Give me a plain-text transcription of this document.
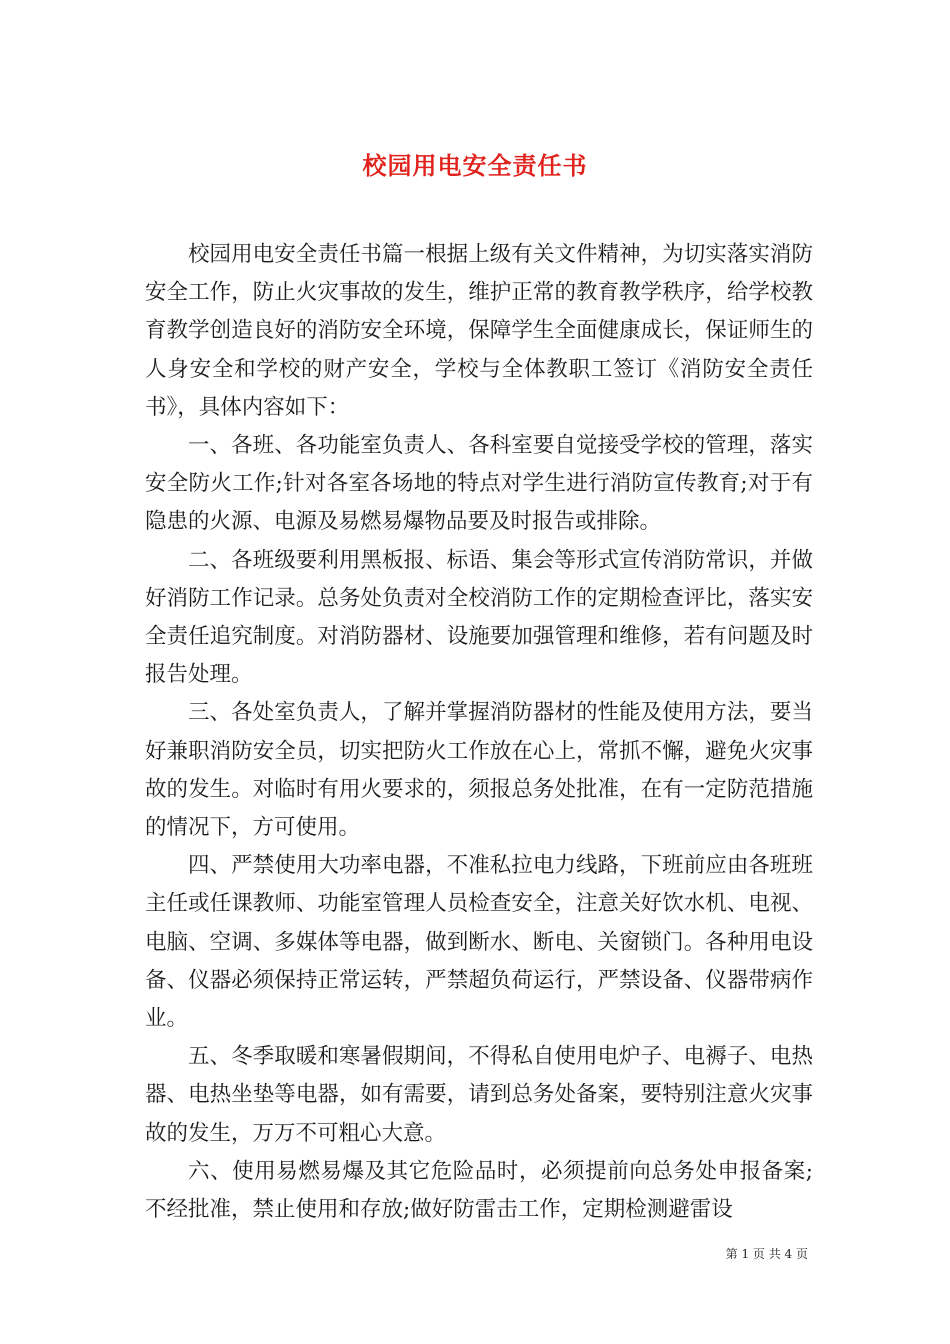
校园用电安全责任书

校园用电安全责任书篇一根据上级有关文件精神，为切实落实消防安全工作，防止火灾事故的发生，维护正常的教育教学秩序，给学校教育教学创造良好的消防安全环境，保障学生全面健康成长，保证师生的人身安全和学校的财产安全，学校与全体教职工签订《消防安全责任书》，具体内容如下：

一、各班、各功能室负责人、各科室要自觉接受学校的管理，落实安全防火工作;针对各室各场地的特点对学生进行消防宣传教育;对于有隐患的火源、电源及易燃易爆物品要及时报告或排除。

二、各班级要利用黑板报、标语、集会等形式宣传消防常识，并做好消防工作记录。总务处负责对全校消防工作的定期检查评比，落实安全责任追究制度。对消防器材、设施要加强管理和维修，若有问题及时报告处理。

三、各处室负责人，了解并掌握消防器材的性能及使用方法，要当好兼职消防安全员，切实把防火工作放在心上，常抓不懈，避免火灾事故的发生。对临时有用火要求的，须报总务处批准，在有一定防范措施的情况下，方可使用。

四、严禁使用大功率电器，不准私拉电力线路，下班前应由各班班主任或任课教师、功能室管理人员检查安全，注意关好饮水机、电视、电脑、空调、多媒体等电器，做到断水、断电、关窗锁门。各种用电设备、仪器必须保持正常运转，严禁超负荷运行，严禁设备、仪器带病作业。

五、冬季取暖和寒暑假期间，不得私自使用电炉子、电褥子、电热器、电热坐垫等电器，如有需要，请到总务处备案，要特别注意火灾事故的发生，万万不可粗心大意。

六、使用易燃易爆及其它危险品时，必须提前向总务处申报备案;不经批准，禁止使用和存放;做好防雷击工作，定期检测避雷设

第 1 页 共 4 页
